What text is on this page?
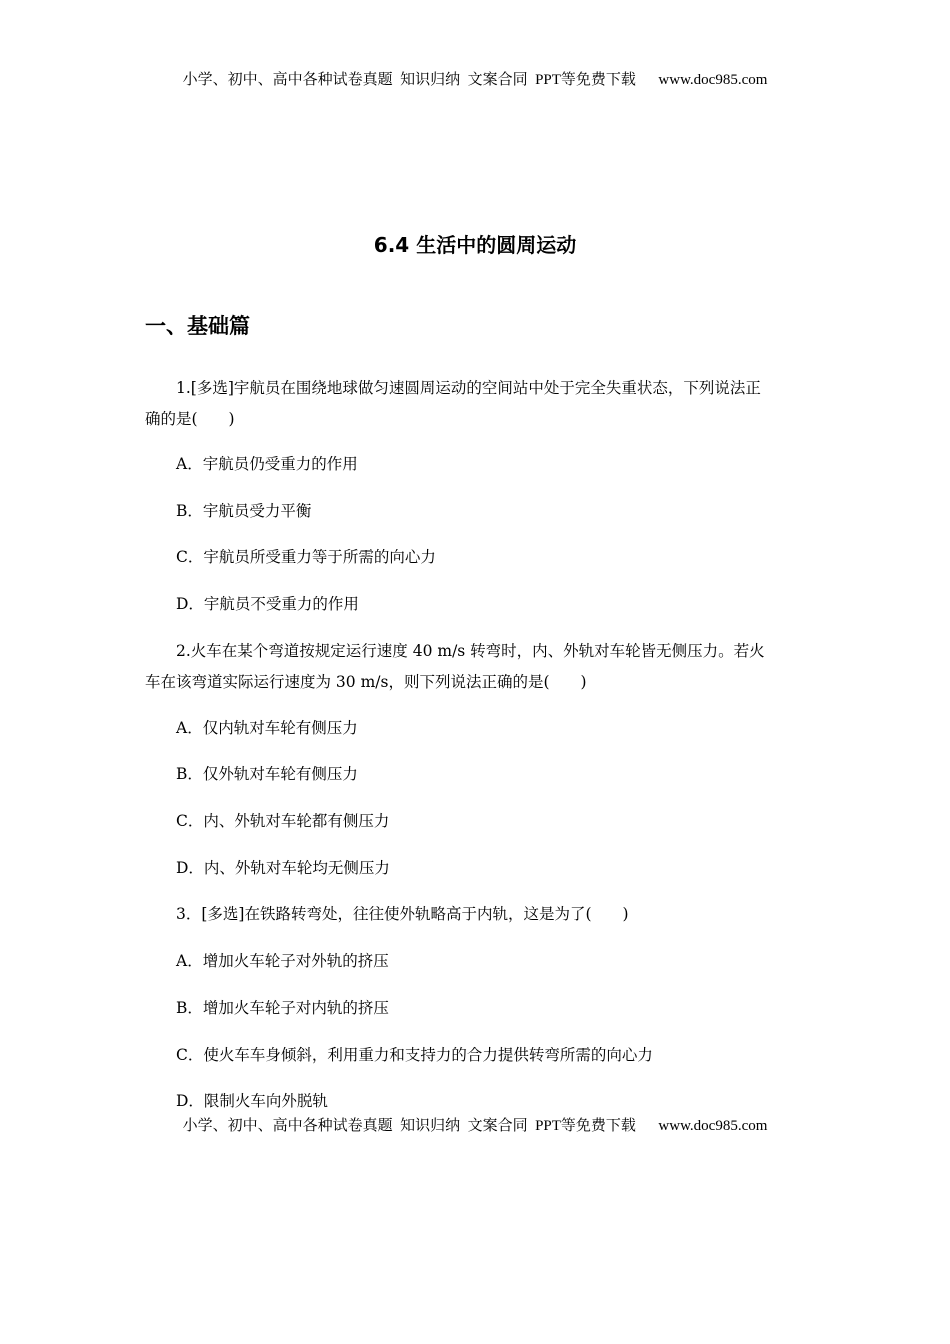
小学、初中、高中各种试卷真题  知识归纳  文案合同  PPT等免费下载      www.doc985.com
6.4 生活中的圆周运动
一、基础篇
1.[多选]宇航员在围绕地球做匀速圆周运动的空间站中处于完全失重状态，下列说法正
确的是(　　)
A．宇航员仍受重力的作用
B．宇航员受力平衡
C．宇航员所受重力等于所需的向心力
D．宇航员不受重力的作用
2.火车在某个弯道按规定运行速度 40 m/s 转弯时，内、外轨对车轮皆无侧压力。若火
车在该弯道实际运行速度为 30 m/s，则下列说法正确的是(　　)
A．仅内轨对车轮有侧压力
B．仅外轨对车轮有侧压力
C．内、外轨对车轮都有侧压力
D．内、外轨对车轮均无侧压力
3．[多选]在铁路转弯处，往往使外轨略高于内轨，这是为了(　　)
A．增加火车轮子对外轨的挤压
B．增加火车轮子对内轨的挤压
C．使火车车身倾斜，利用重力和支持力的合力提供转弯所需的向心力
D．限制火车向外脱轨
小学、初中、高中各种试卷真题  知识归纳  文案合同  PPT等免费下载      www.doc985.com
